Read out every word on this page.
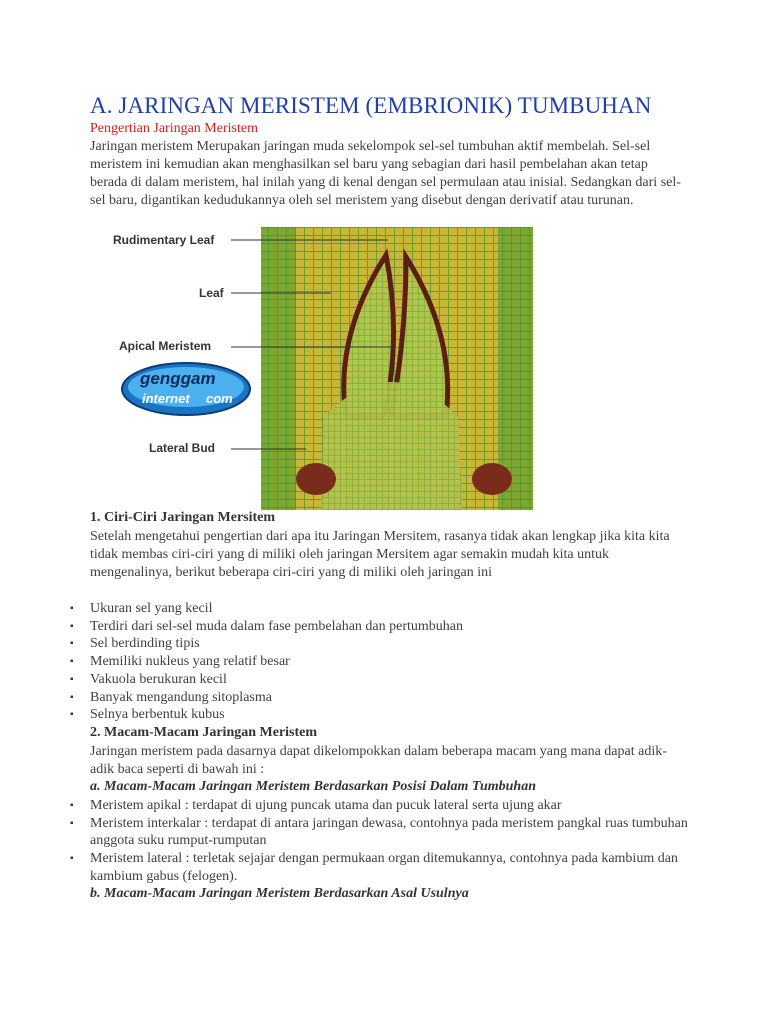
A. JARINGAN MERISTEM (EMBRIONIK) TUMBUHAN
Pengertian Jaringan Meristem

Jaringan meristem Merupakan jaringan muda sekelompok sel-sel tumbuhan aktif membelah. Sel-sel meristem ini kemudian akan menghasilkan sel baru yang sebagian dari hasil pembelahan akan tetap berada di dalam meristem, hal inilah yang di kenal dengan sel permulaan atau inisial. Sedangkan dari sel-sel baru, digantikan kedudukannya oleh sel meristem yang disebut dengan derivatif atau turunan.

genggam
internet com
Rudimentary Leaf
Leaf
Apical Meristem
Lateral Bud
1. Ciri-Ciri Jaringan Mersitem

Setelah mengetahui pengertian dari apa itu Jaringan Mersitem, rasanya tidak akan lengkap jika kita kita tidak membas ciri-ciri yang di miliki oleh jaringan Mersitem agar semakin mudah kita untuk mengenalinya, berikut beberapa ciri-ciri yang di miliki oleh jaringan ini

▪	Ukuran sel yang kecil
▪	Terdiri dari sel-sel muda dalam fase pembelahan dan pertumbuhan
▪	Sel berdinding tipis
▪	Memiliki nukleus yang relatif besar
▪	Vakuola berukuran kecil
▪	Banyak mengandung sitoplasma
▪	Selnya berbentuk kubus
2. Macam-Macam Jaringan Meristem

Jaringan meristem pada dasarnya dapat dikelompokkan dalam beberapa macam yang mana dapat adik-adik baca seperti di bawah ini :

a. Macam-Macam Jaringan Meristem Berdasarkan Posisi Dalam Tumbuhan
▪	Meristem apikal : terdapat di ujung puncak utama dan pucuk lateral serta ujung akar
▪	Meristem interkalar : terdapat di antara jaringan dewasa, contohnya pada meristem pangkal ruas tumbuhan anggota suku rumput-rumputan
▪	Meristem lateral : terletak sejajar dengan permukaan organ ditemukannya, contohnya pada kambium dan kambium gabus (felogen).
b. Macam-Macam Jaringan Meristem Berdasarkan Asal Usulnya
